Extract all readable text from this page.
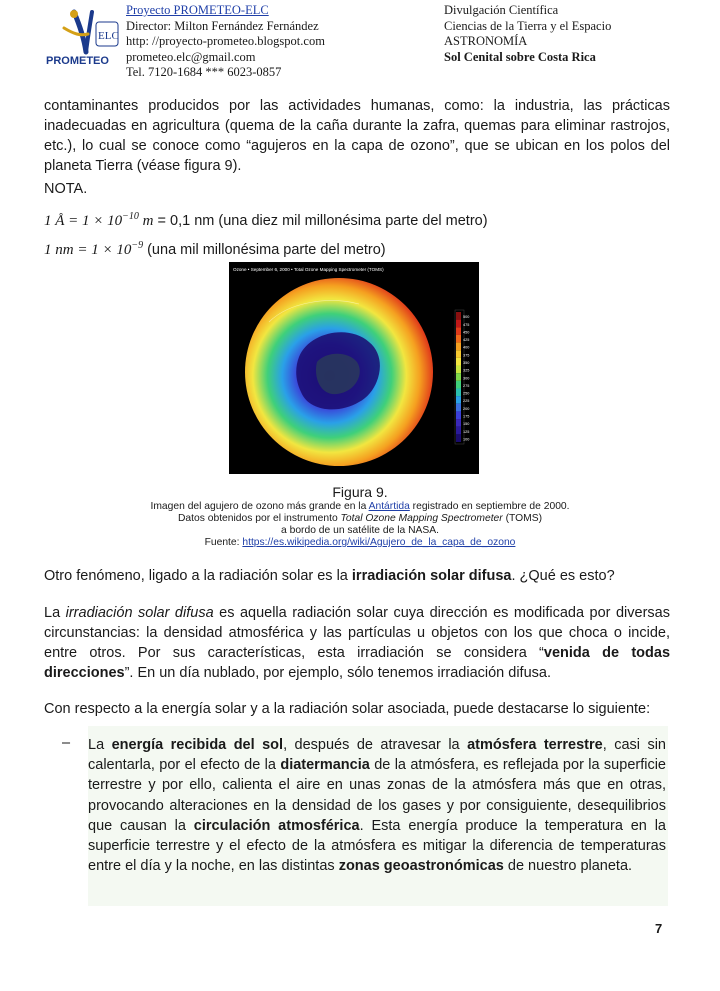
ELC
PROMETEO
Proyecto PROMETEO-ELC
Director: Milton Fernández Fernández
http: //proyecto-prometeo.blogspot.com
prometeo.elc@gmail.com
Tel. 7120-1684 *** 6023-0857
Divulgación Científica
Ciencias de la Tierra y el Espacio
ASTRONOMÍA
Sol Cenital sobre Costa Rica
contaminantes producidos por las actividades humanas, como: la industria, las prácticas inadecuadas en agricultura (quema de la caña durante la zafra, quemas para eliminar rastrojos, etc.), lo cual se conoce como “agujeros en la capa de ozono”, que se ubican en los polos del planeta Tierra (véase figura 9).
NOTA.
1 Å = $1 \times 10^{-10}$ m = 0,1 nm (una diez mil millonésima parte del metro)
1 nm = $1 \times 10^{-9}$ (una mil millonésima parte del metro)
Ozone • September 6, 2000 • Total Ozone Mapping Spectrometer (TOMS)
500
475
450
425
400
375
350
325
300
275
250
225
200
175
150
125
100
Figura 9.
Imagen del agujero de ozono más grande en la Antártida registrado en septiembre de 2000.
Datos obtenidos por el instrumento Total Ozone Mapping Spectrometer (TOMS)
a bordo de un satélite de la NASA.
Fuente: https://es.wikipedia.org/wiki/Agujero_de_la_capa_de_ozono
Otro fenómeno, ligado a la radiación solar es la irradiación solar difusa. ¿Qué es esto?
La irradiación solar difusa es aquella radiación solar cuya dirección es modificada por diversas circunstancias: la densidad atmosférica y las partículas u objetos con los que choca o incide, entre otros. Por sus características, esta irradiación se considera “venida de todas direcciones”. En un día nublado, por ejemplo, sólo tenemos irradiación difusa.
Con respecto a la energía solar y a la radiación solar asociada, puede destacarse lo siguiente:
– La energía recibida del sol, después de atravesar la atmósfera terrestre, casi sin calentarla, por el efecto de la diatermancia de la atmósfera, es reflejada por la superficie terrestre y por ello, calienta el aire en unas zonas de la atmósfera más que en otras, provocando alteraciones en la densidad de los gases y por consiguiente, desequilibrios que causan la circulación atmosférica. Esta energía produce la temperatura en la superficie terrestre y el efecto de la atmósfera es mitigar la diferencia de temperaturas entre el día y la noche, en las distintas zonas geoastronómicas de nuestro planeta.
7
